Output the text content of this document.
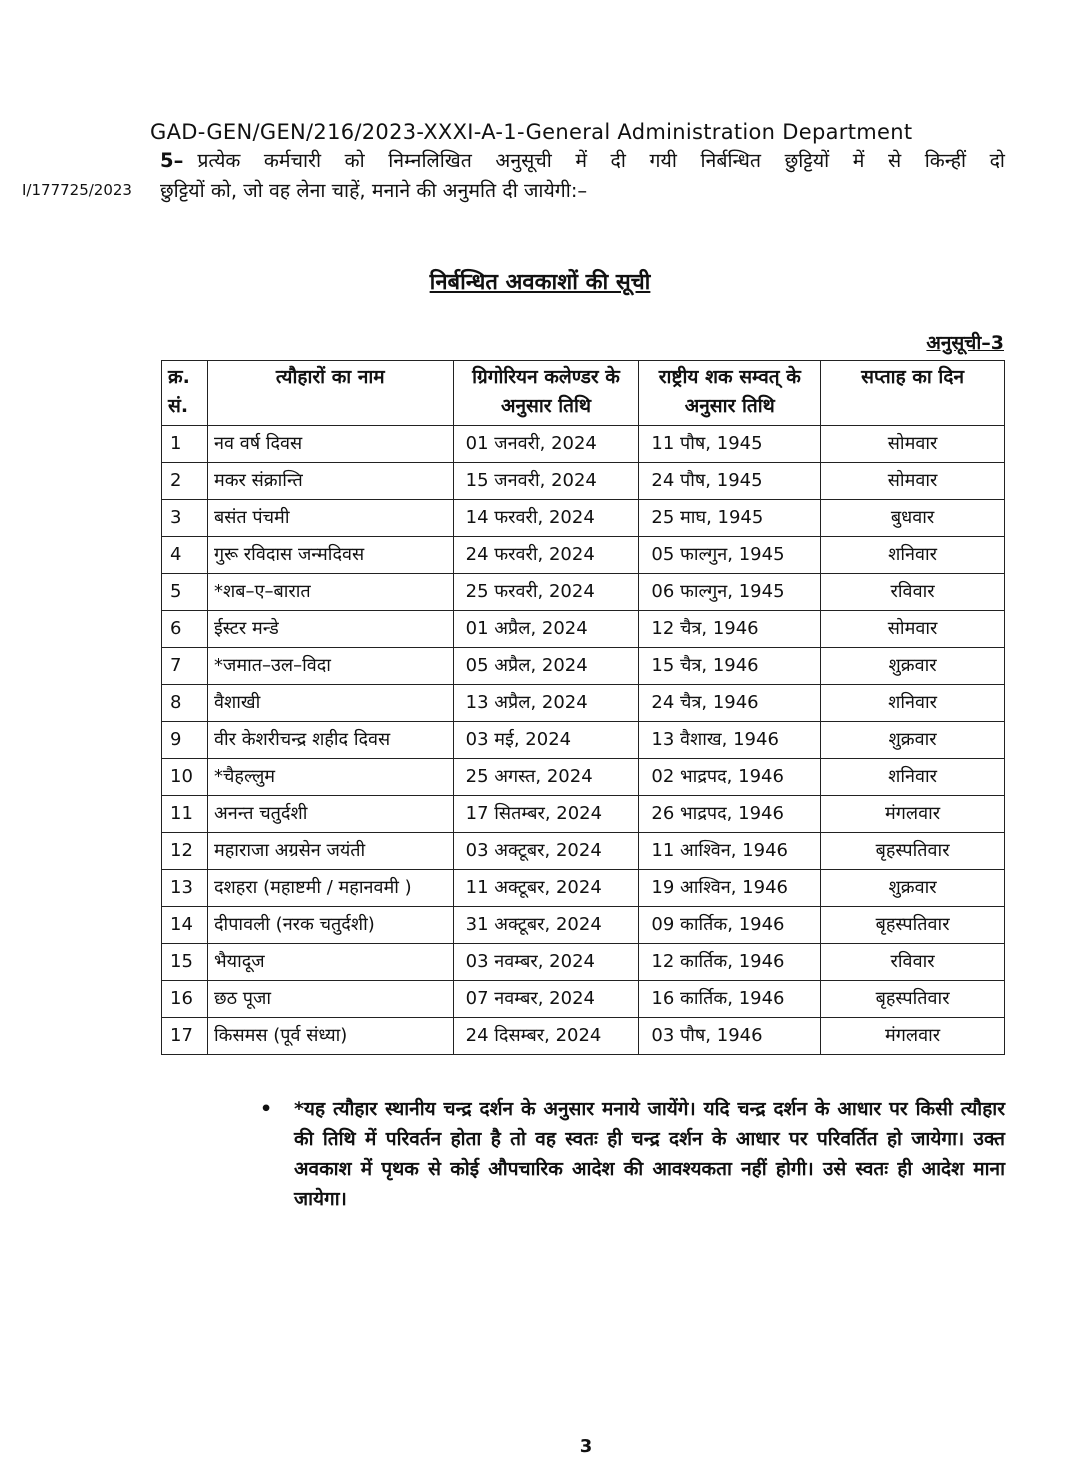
GAD-GEN/GEN/216/2023-XXXI-A-1-General Administration Department
I/177725/2023
5– प्रत्येक कर्मचारी को निम्नलिखित अनुसूची में दी गयी निर्बन्धित छुट्टियों में से किन्हीं दो
छुट्टियों को, जो वह लेना चाहें, मनाने की अनुमति दी जायेगी:–
निर्बन्धित अवकाशों की सूची
अनुसूची–3
क्र. सं.	त्यौहारों का नाम	ग्रिगोरियन कलेण्डर के अनुसार तिथि	राष्ट्रीय शक सम्वत् के अनुसार तिथि	सप्ताह का दिन
1	नव वर्ष दिवस	01 जनवरी, 2024	11 पौष, 1945	सोमवार
2	मकर संक्रान्ति	15 जनवरी, 2024	24 पौष, 1945	सोमवार
3	बसंत पंचमी	14 फरवरी, 2024	25 माघ, 1945	बुधवार
4	गुरू रविदास जन्मदिवस	24 फरवरी, 2024	05 फाल्गुन, 1945	शनिवार
5	*शब–ए–बारात	25 फरवरी, 2024	06 फाल्गुन, 1945	रविवार
6	ईस्टर मन्डे	01 अप्रैल, 2024	12 चैत्र, 1946	सोमवार
7	*जमात–उल–विदा	05 अप्रैल, 2024	15 चैत्र, 1946	शुक्रवार
8	वैशाखी	13 अप्रैल, 2024	24 चैत्र, 1946	शनिवार
9	वीर केशरीचन्द्र शहीद दिवस	03 मई, 2024	13 वैशाख, 1946	शुक्रवार
10	*चैहल्लुम	25 अगस्त, 2024	02 भाद्रपद, 1946	शनिवार
11	अनन्त चतुर्दशी	17 सितम्बर, 2024	26 भाद्रपद, 1946	मंगलवार
12	महाराजा अग्रसेन जयंती	03 अक्टूबर, 2024	11 आश्विन, 1946	बृहस्पतिवार
13	दशहरा (महाष्टमी / महानवमी )	11 अक्टूबर, 2024	19 आश्विन, 1946	शुक्रवार
14	दीपावली (नरक चतुर्दशी)	31 अक्टूबर, 2024	09 कार्तिक, 1946	बृहस्पतिवार
15	भैयादूज	03 नवम्बर, 2024	12 कार्तिक, 1946	रविवार
16	छठ पूजा	07 नवम्बर, 2024	16 कार्तिक, 1946	बृहस्पतिवार
17	किसमस (पूर्व संध्या)	24 दिसम्बर, 2024	03 पौष, 1946	मंगलवार
• *यह त्यौहार स्थानीय चन्द्र दर्शन के अनुसार मनाये जायेंगे। यदि चन्द्र दर्शन के आधार पर किसी त्यौहार की तिथि में परिवर्तन होता है तो वह स्वतः ही चन्द्र दर्शन के आधार पर परिवर्तित हो जायेगा। उक्त अवकाश में पृथक से कोई औपचारिक आदेश की आवश्यकता नहीं होगी। उसे स्वतः ही आदेश माना जायेगा।
3
